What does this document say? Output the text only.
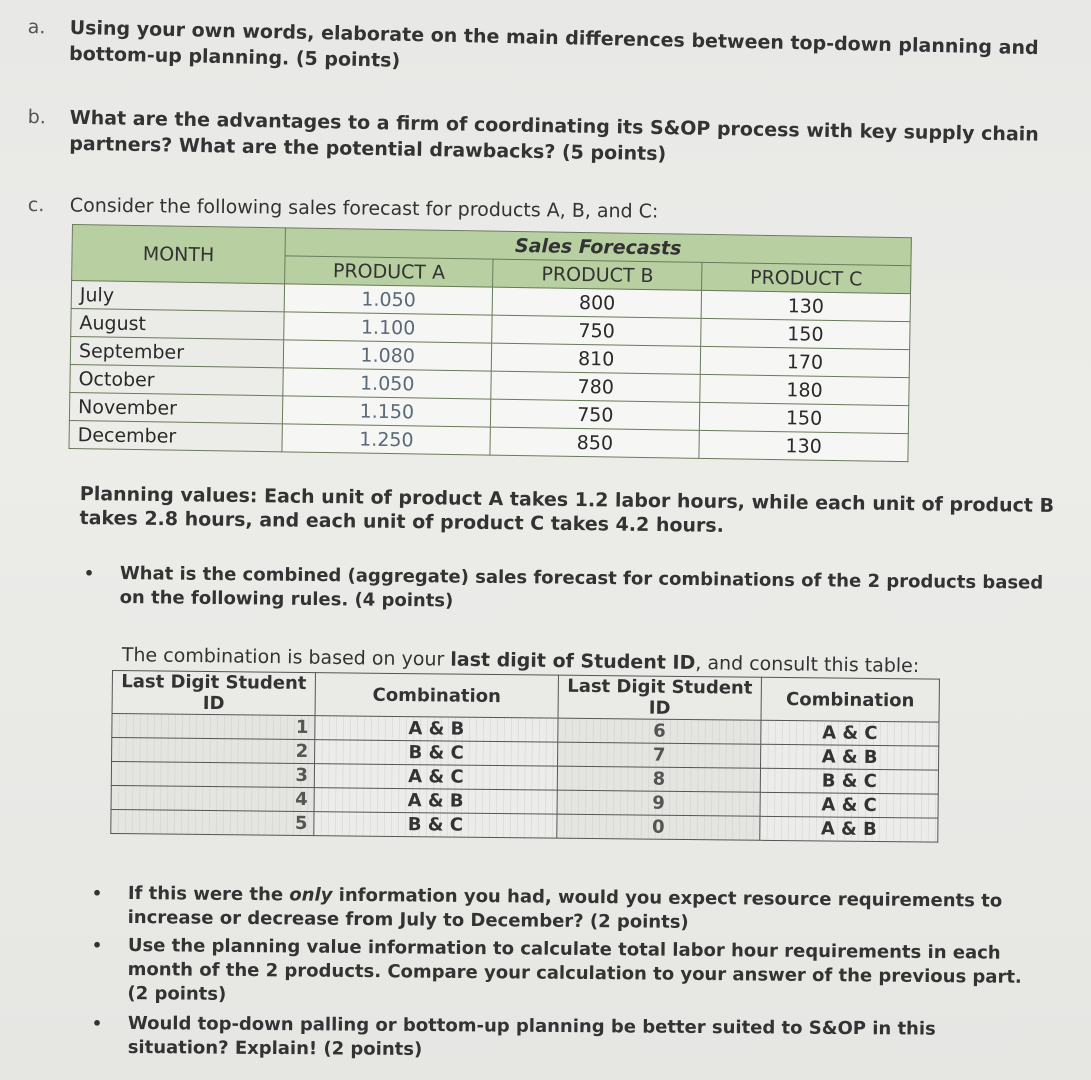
a.	Using your own words, elaborate on the main differences between top-down planning and bottom-up planning. (5 points)
b.	What are the advantages to a firm of coordinating its S&OP process with key supply chain partners? What are the potential drawbacks? (5 points)
c.	Consider the following sales forecast for products A, B, and C:
MONTH	Sales Forecasts		
	PRODUCT A	PRODUCT B	PRODUCT C
July	1.050	800	130
August	1.100	750	150
September	1.080	810	170
October	1.050	780	180
November	1.150	750	150
December	1.250	850	130
Planning values: Each unit of product A takes 1.2 labor hours, while each unit of product B takes 2.8 hours, and each unit of product C takes 4.2 hours.
• What is the combined (aggregate) sales forecast for combinations of the 2 products based on the following rules. (4 points)
The combination is based on your last digit of Student ID, and consult this table:
Last Digit Student ID	Combination	Last Digit Student ID	Combination
1	A & B	6	A & C
2	B & C	7	A & B
3	A & C	8	B & C
4	A & B	9	A & C
5	B & C	0	A & B
• If this were the only information you had, would you expect resource requirements to increase or decrease from July to December? (2 points)
• Use the planning value information to calculate total labor hour requirements in each month of the 2 products. Compare your calculation to your answer of the previous part. (2 points)
• Would top-down palling or bottom-up planning be better suited to S&OP in this situation? Explain! (2 points)
